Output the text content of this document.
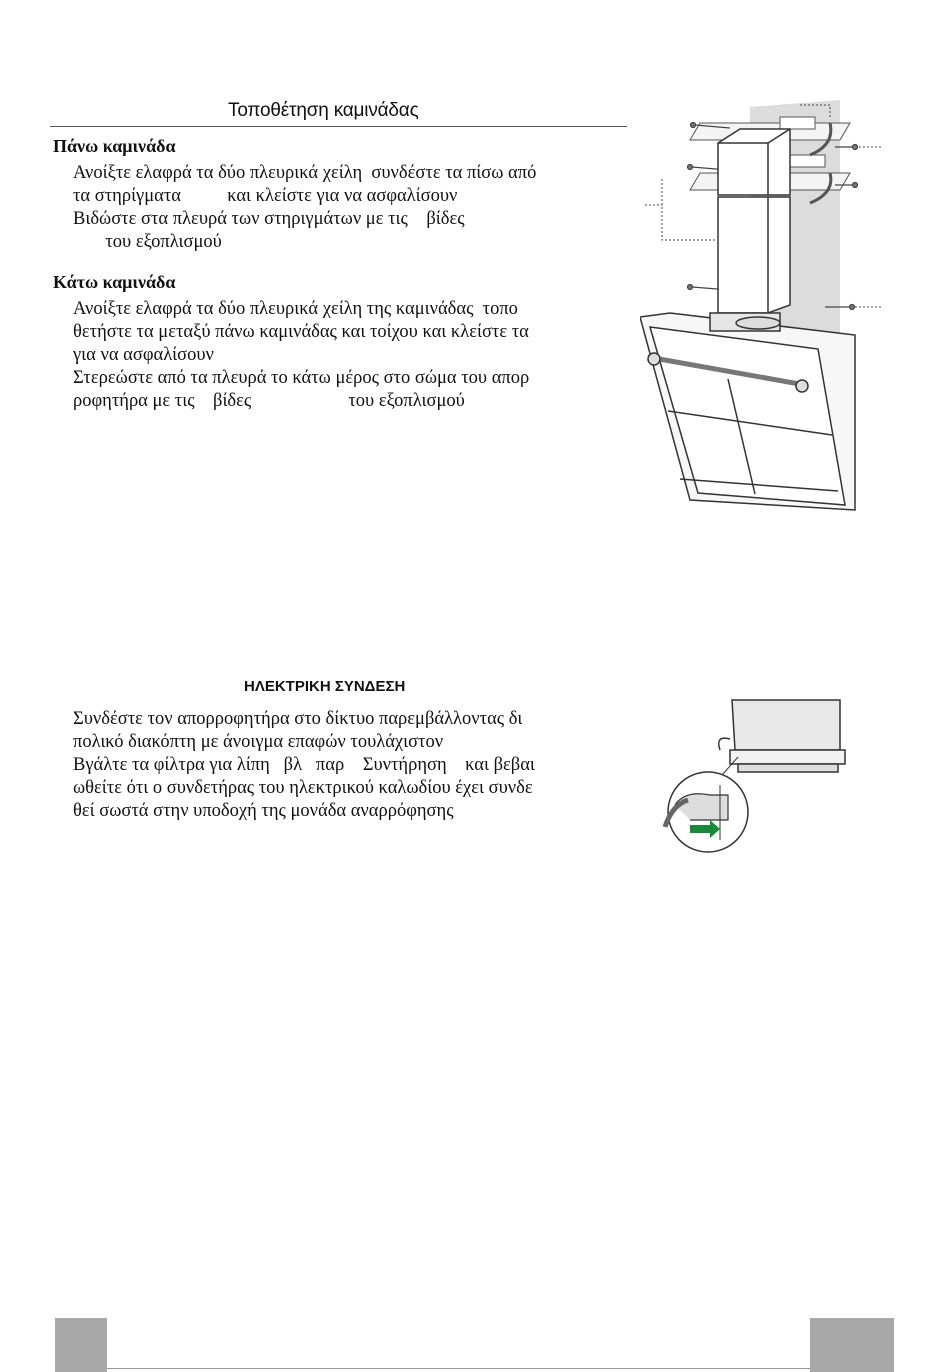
Τοποθέτηση καμινάδας
Πάνω καμινάδα
Ανοίξτε ελαφρά τα δύο πλευρικά χείλη  συνδέστε τα πίσω από
τα στηρίγματα          και κλείστε για να ασφαλίσουν
Βιδώστε στα πλευρά των στηριγμάτων με τις    βίδες
του εξοπλισμού
Κάτω καμινάδα
Ανοίξτε ελαφρά τα δύο πλευρικά χείλη της καμινάδας  τοπο
θετήστε τα μεταξύ πάνω καμινάδας και τοίχου και κλείστε τα
για να ασφαλίσουν
Στερεώστε από τα πλευρά το κάτω μέρος στο σώμα του απορ
ροφητήρα με τις    βίδες                     του εξοπλισμού
ΗΛΕΚΤΡΙΚΗ ΣΥΝΔΕΣΗ
Συνδέστε τον απορροφητήρα στο δίκτυο παρεμβάλλοντας δι
πολικό διακόπτη με άνοιγμα επαφών τουλάχιστον
Βγάλτε τα φίλτρα για λίπη   βλ   παρ    Συντήρηση    και βεβαι
ωθείτε ότι ο συνδετήρας του ηλεκτρικού καλωδίου έχει συνδε
θεί σωστά στην υποδοχή της μονάδα αναρρόφησης
